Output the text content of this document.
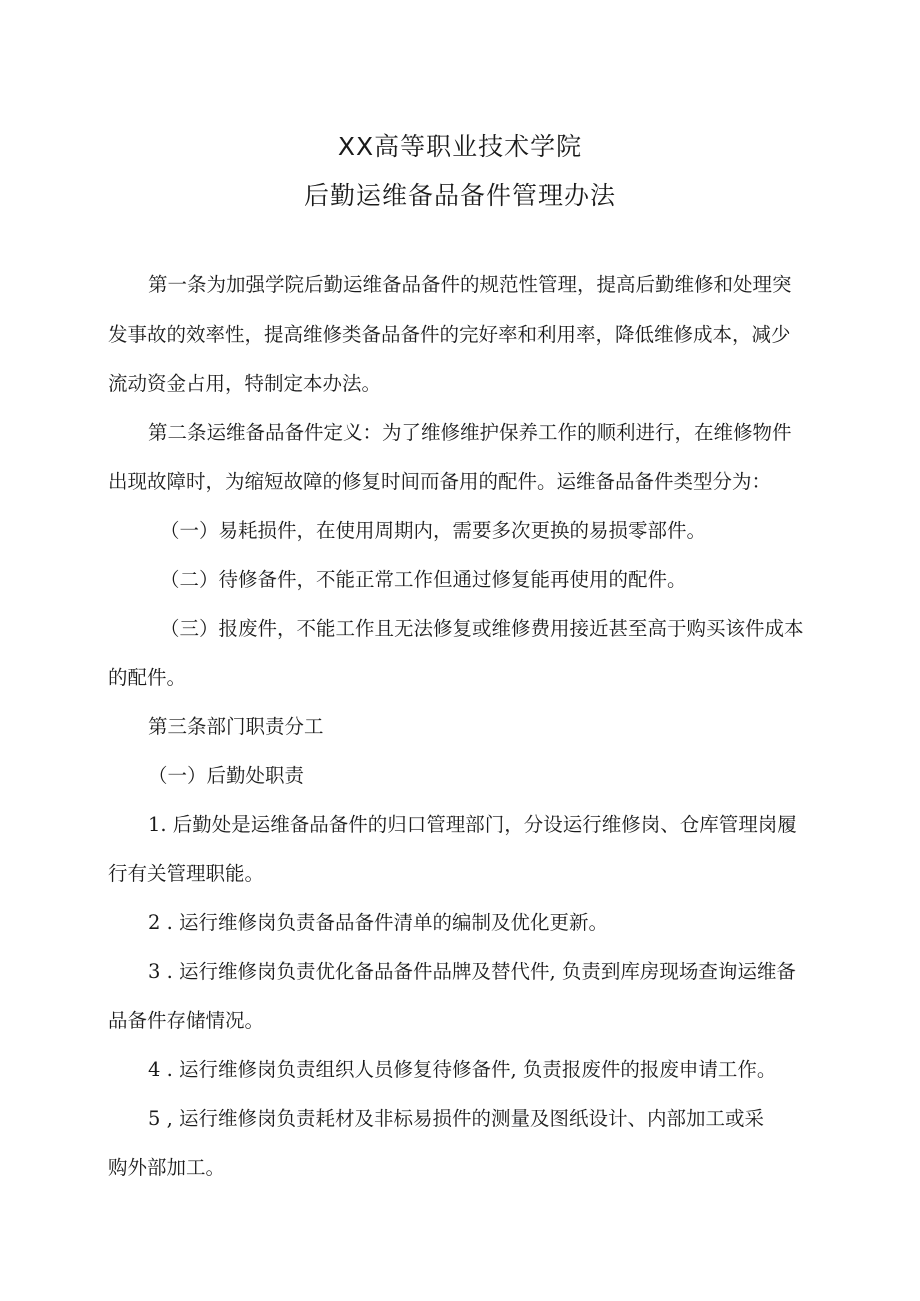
XX高等职业技术学院
后勤运维备品备件管理办法
第一条为加强学院后勤运维备品备件的规范性管理，提高后勤维修和处理突
发事故的效率性，提高维修类备品备件的完好率和利用率，降低维修成本，减少
流动资金占用，特制定本办法。
第二条运维备品备件定义：为了维修维护保养工作的顺利进行，在维修物件
出现故障时，为缩短故障的修复时间而备用的配件。运维备品备件类型分为：
（一）易耗损件，在使用周期内，需要多次更换的易损零部件。
（二）待修备件，不能正常工作但通过修复能再使用的配件。
（三）报废件，不能工作且无法修复或维修费用接近甚至高于购买该件成本
的配件。
第三条部门职责分工
（一）后勤处职责
1. 后勤处是运维备品备件的归口管理部门，分设运行维修岗、仓库管理岗履
行有关管理职能。
2 . 运行维修岗负责备品备件清单的编制及优化更新。
3 . 运行维修岗负责优化备品备件品牌及替代件, 负责到库房现场查询运维备
品备件存储情况。
4 . 运行维修岗负责组织人员修复待修备件, 负责报废件的报废申请工作。
5 , 运行维修岗负责耗材及非标易损件的测量及图纸设计、内部加工或采
购外部加工。
